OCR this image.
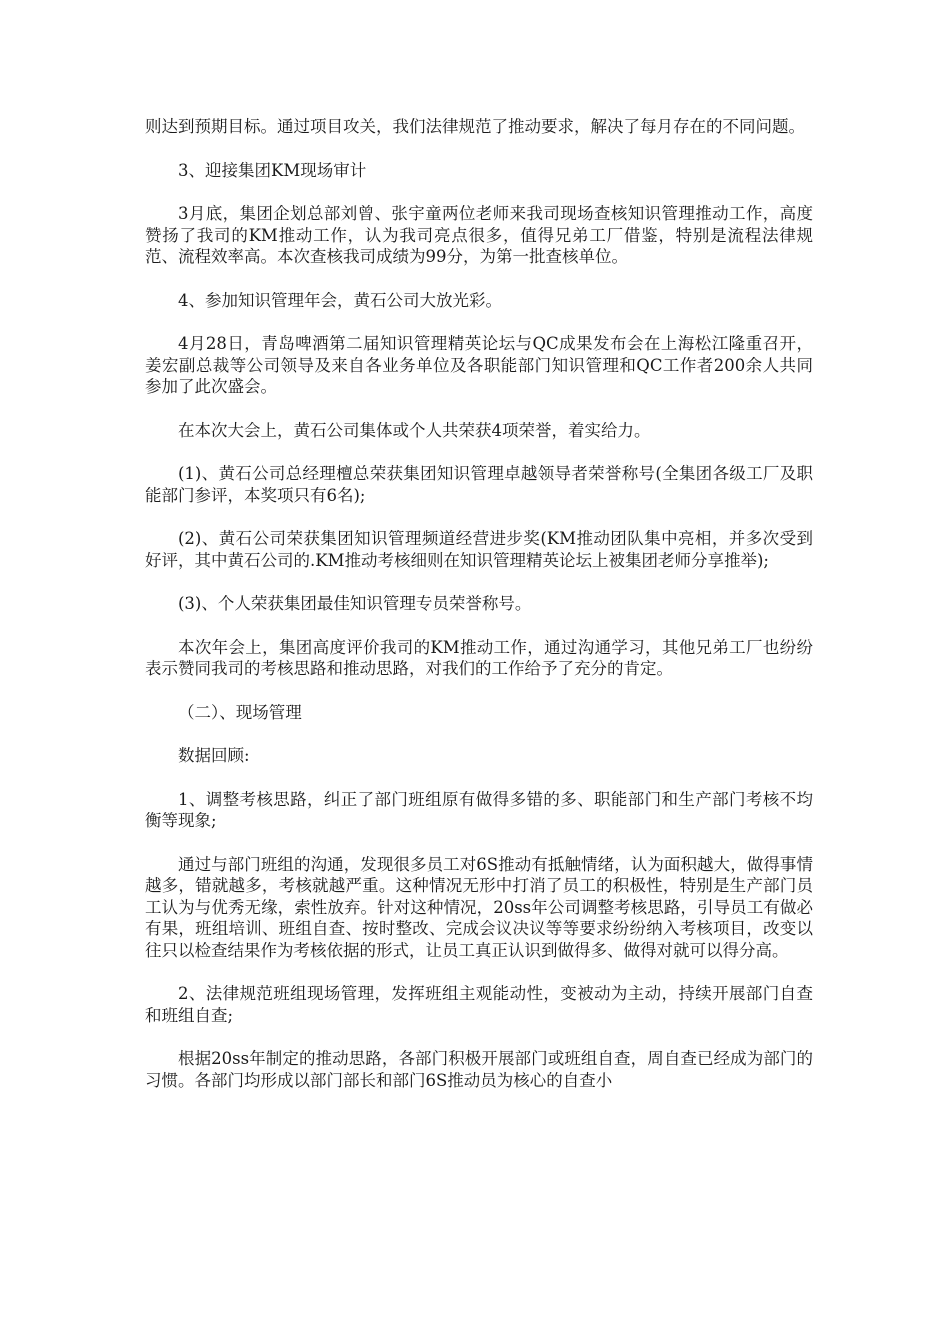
则达到预期目标。通过项目攻关，我们法律规范了推动要求，解决了每月存在的不同问题。

3、迎接集团KM现场审计

3月底，集团企划总部刘曾、张宇童两位老师来我司现场查核知识管理推动工作，高度赞扬了我司的KM推动工作，认为我司亮点很多，值得兄弟工厂借鉴，特别是流程法律规范、流程效率高。本次查核我司成绩为99分，为第一批查核单位。

4、参加知识管理年会，黄石公司大放光彩。

4月28日，青岛啤酒第二届知识管理精英论坛与QC成果发布会在上海松江隆重召开，姜宏副总裁等公司领导及来自各业务单位及各职能部门知识管理和QC工作者200余人共同参加了此次盛会。

在本次大会上，黄石公司集体或个人共荣获4项荣誉，着实给力。

(1)、黄石公司总经理檀总荣获集团知识管理卓越领导者荣誉称号(全集团各级工厂及职能部门参评，本奖项只有6名);

(2)、黄石公司荣获集团知识管理频道经营进步奖(KM推动团队集中亮相，并多次受到好评，其中黄石公司的.KM推动考核细则在知识管理精英论坛上被集团老师分享推举);

(3)、个人荣获集团最佳知识管理专员荣誉称号。

本次年会上，集团高度评价我司的KM推动工作，通过沟通学习，其他兄弟工厂也纷纷表示赞同我司的考核思路和推动思路，对我们的工作给予了充分的肯定。

（二）、现场管理

数据回顾:

1、调整考核思路，纠正了部门班组原有做得多错的多、职能部门和生产部门考核不均衡等现象;

通过与部门班组的沟通，发现很多员工对6S推动有抵触情绪，认为面积越大，做得事情越多，错就越多，考核就越严重。这种情况无形中打消了员工的积极性，特别是生产部门员工认为与优秀无缘，索性放弃。针对这种情况，20ss年公司调整考核思路，引导员工有做必有果，班组培训、班组自查、按时整改、完成会议决议等等要求纷纷纳入考核项目，改变以往只以检查结果作为考核依据的形式，让员工真正认识到做得多、做得对就可以得分高。

2、法律规范班组现场管理，发挥班组主观能动性，变被动为主动，持续开展部门自查和班组自查;

根据20ss年制定的推动思路，各部门积极开展部门或班组自查，周自查已经成为部门的习惯。各部门均形成以部门部长和部门6S推动员为核心的自查小
